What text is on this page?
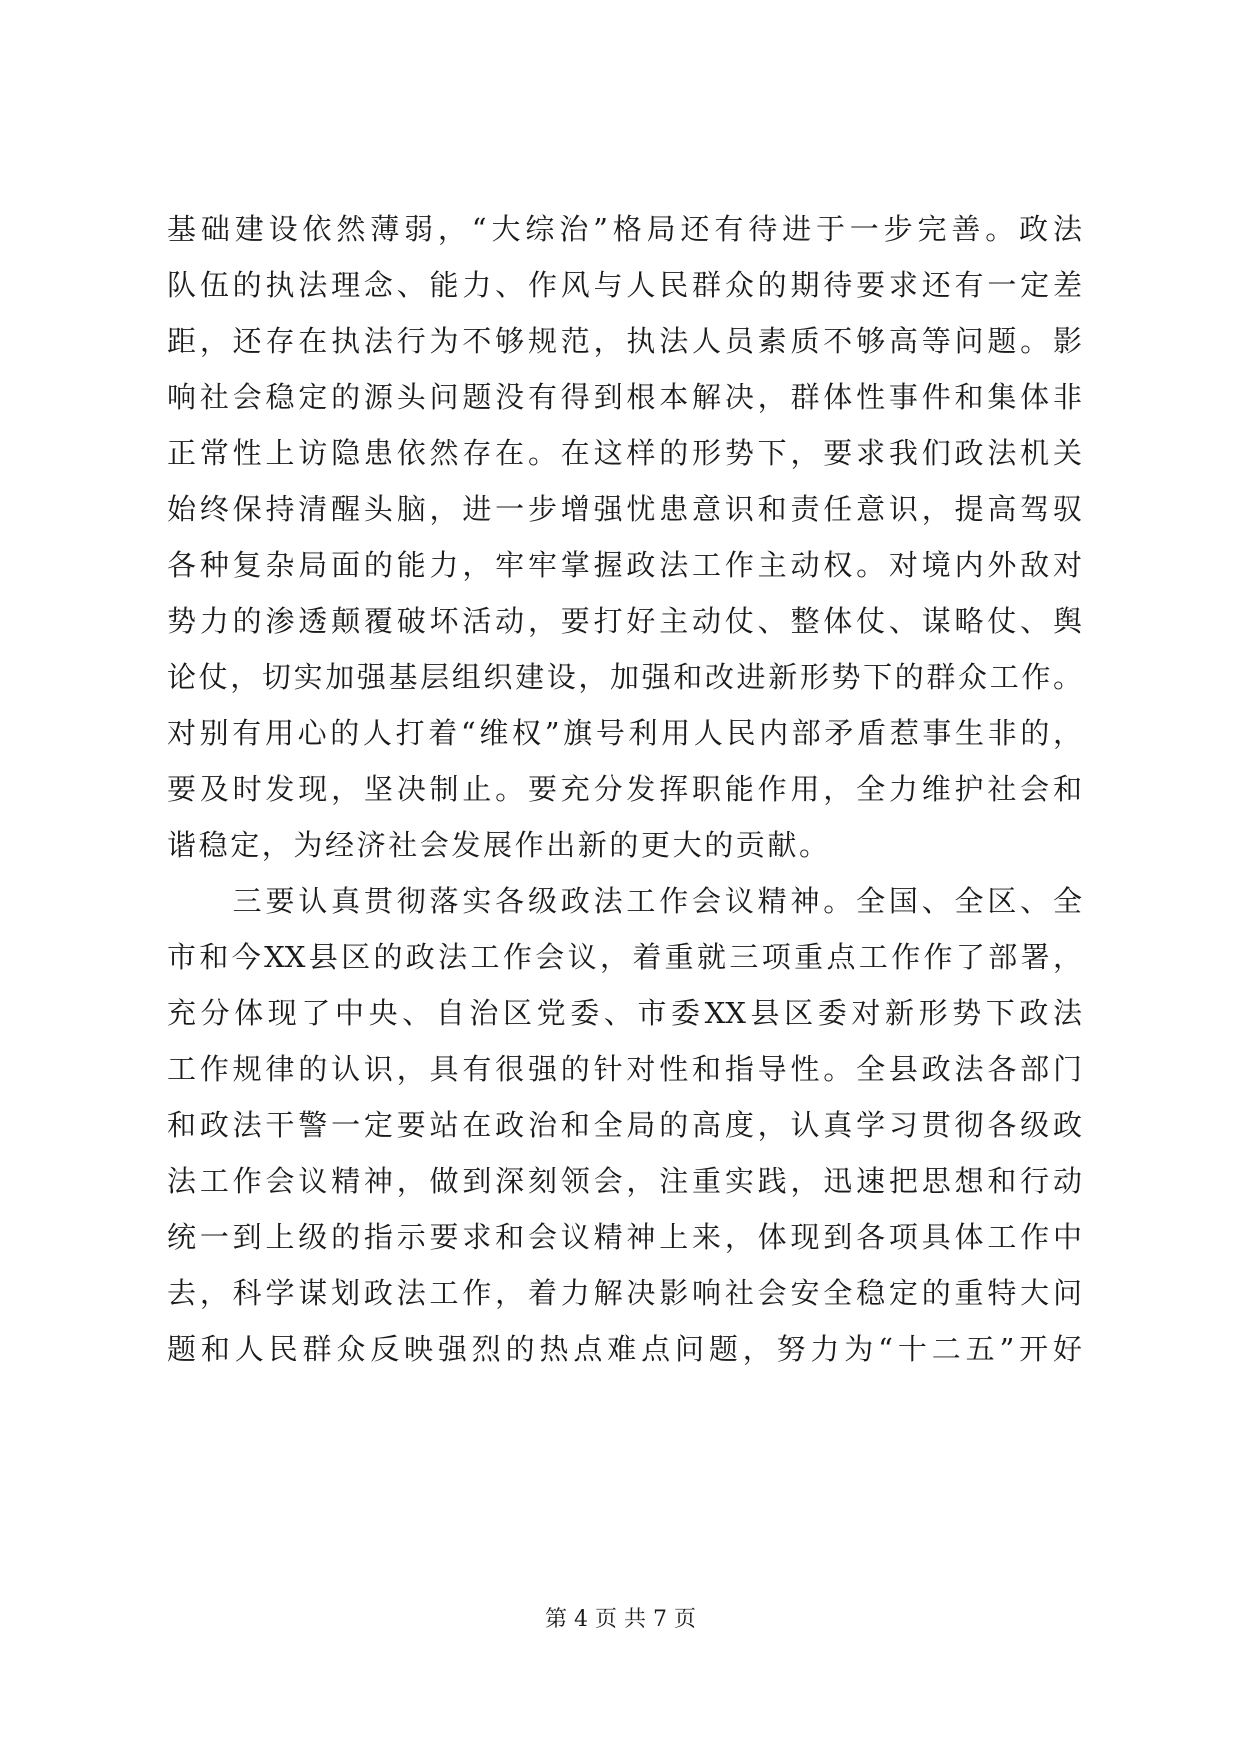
基础建设依然薄弱，“大综治”格局还有待进于一步完善。政法
队伍的执法理念、能力、作风与人民群众的期待要求还有一定差
距，还存在执法行为不够规范，执法人员素质不够高等问题。影
响社会稳定的源头问题没有得到根本解决，群体性事件和集体非
正常性上访隐患依然存在。在这样的形势下，要求我们政法机关
始终保持清醒头脑，进一步增强忧患意识和责任意识，提高驾驭
各种复杂局面的能力，牢牢掌握政法工作主动权。对境内外敌对
势力的渗透颠覆破坏活动，要打好主动仗、整体仗、谋略仗、舆
论仗，切实加强基层组织建设，加强和改进新形势下的群众工作。
对别有用心的人打着“维权”旗号利用人民内部矛盾惹事生非的，
要及时发现，坚决制止。要充分发挥职能作用，全力维护社会和
谐稳定，为经济社会发展作出新的更大的贡献。
　　三要认真贯彻落实各级政法工作会议精神。全国、全区、全
市和今XX县区的政法工作会议，着重就三项重点工作作了部署，
充分体现了中央、自治区党委、市委XX县区委对新形势下政法
工作规律的认识，具有很强的针对性和指导性。全县政法各部门
和政法干警一定要站在政治和全局的高度，认真学习贯彻各级政
法工作会议精神，做到深刻领会，注重实践，迅速把思想和行动
统一到上级的指示要求和会议精神上来，体现到各项具体工作中
去，科学谋划政法工作，着力解决影响社会安全稳定的重特大问
题和人民群众反映强烈的热点难点问题，努力为“十二五”开好
第 4 页 共 7 页
